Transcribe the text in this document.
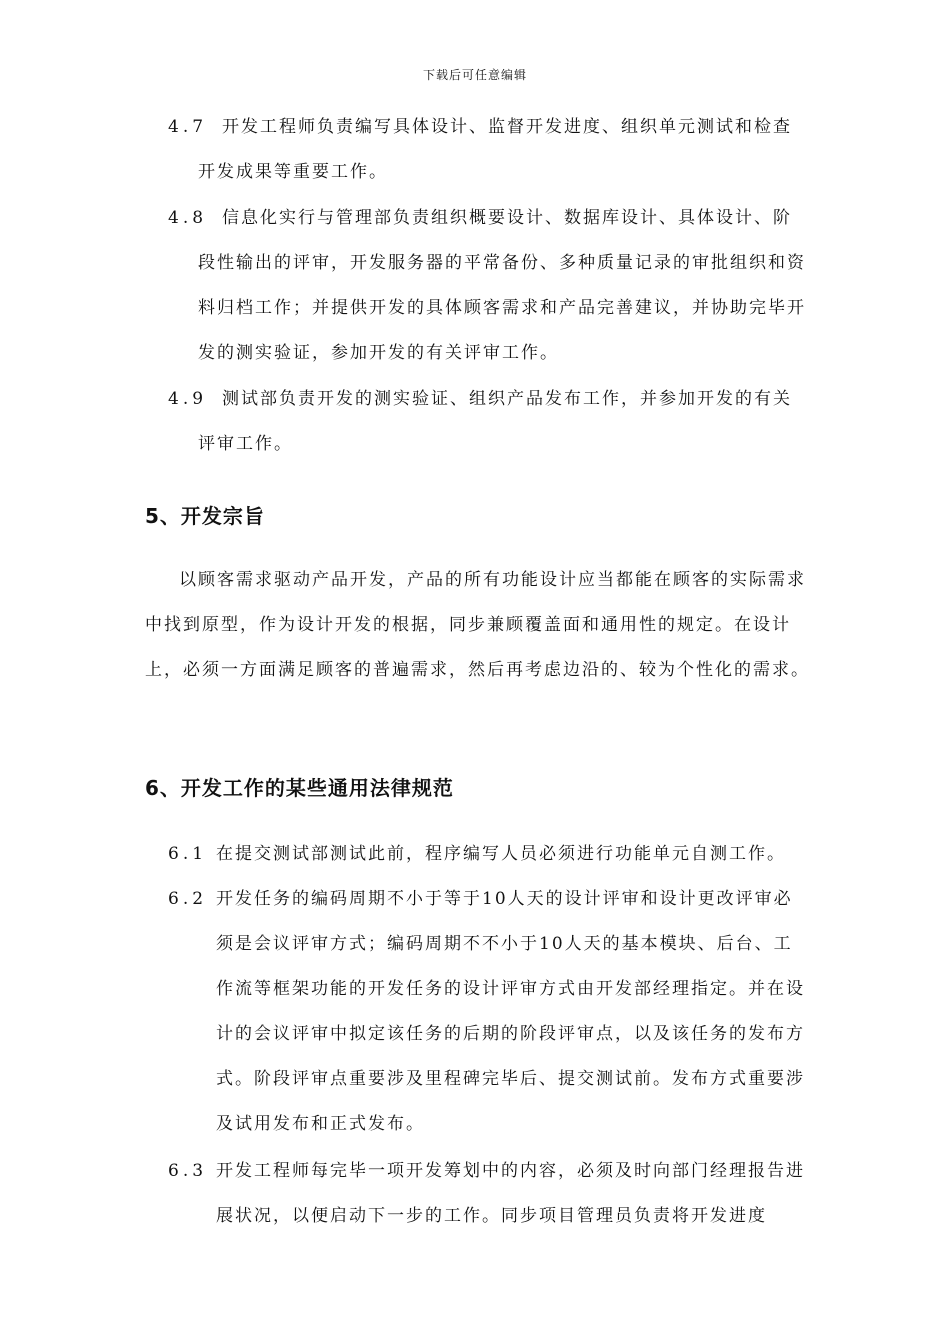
下载后可任意编辑
4.7 开发工程师负责编写具体设计、监督开发进度、组织单元测试和检查开发成果等重要工作。
4.8 信息化实行与管理部负责组织概要设计、数据库设计、具体设计、阶段性输出的评审，开发服务器的平常备份、多种质量记录的审批组织和资料归档工作；并提供开发的具体顾客需求和产品完善建议，并协助完毕开发的测实验证，参加开发的有关评审工作。
4.9 测试部负责开发的测实验证、组织产品发布工作，并参加开发的有关评审工作。
5、开发宗旨
以顾客需求驱动产品开发，产品的所有功能设计应当都能在顾客的实际需求中找到原型，作为设计开发的根据，同步兼顾覆盖面和通用性的规定。在设计上，必须一方面满足顾客的普遍需求，然后再考虑边沿的、较为个性化的需求。
6、开发工作的某些通用法律规范
6.1 在提交测试部测试此前，程序编写人员必须进行功能单元自测工作。
6.2 开发任务的编码周期不小于等于10人天的设计评审和设计更改评审必须是会议评审方式；编码周期不不小于10人天的基本模块、后台、工作流等框架功能的开发任务的设计评审方式由开发部经理指定。并在设计的会议评审中拟定该任务的后期的阶段评审点，以及该任务的发布方式。阶段评审点重要涉及里程碑完毕后、提交测试前。发布方式重要涉及试用发布和正式发布。
6.3 开发工程师每完毕一项开发筹划中的内容，必须及时向部门经理报告进展状况，以便启动下一步的工作。同步项目管理员负责将开发进度
